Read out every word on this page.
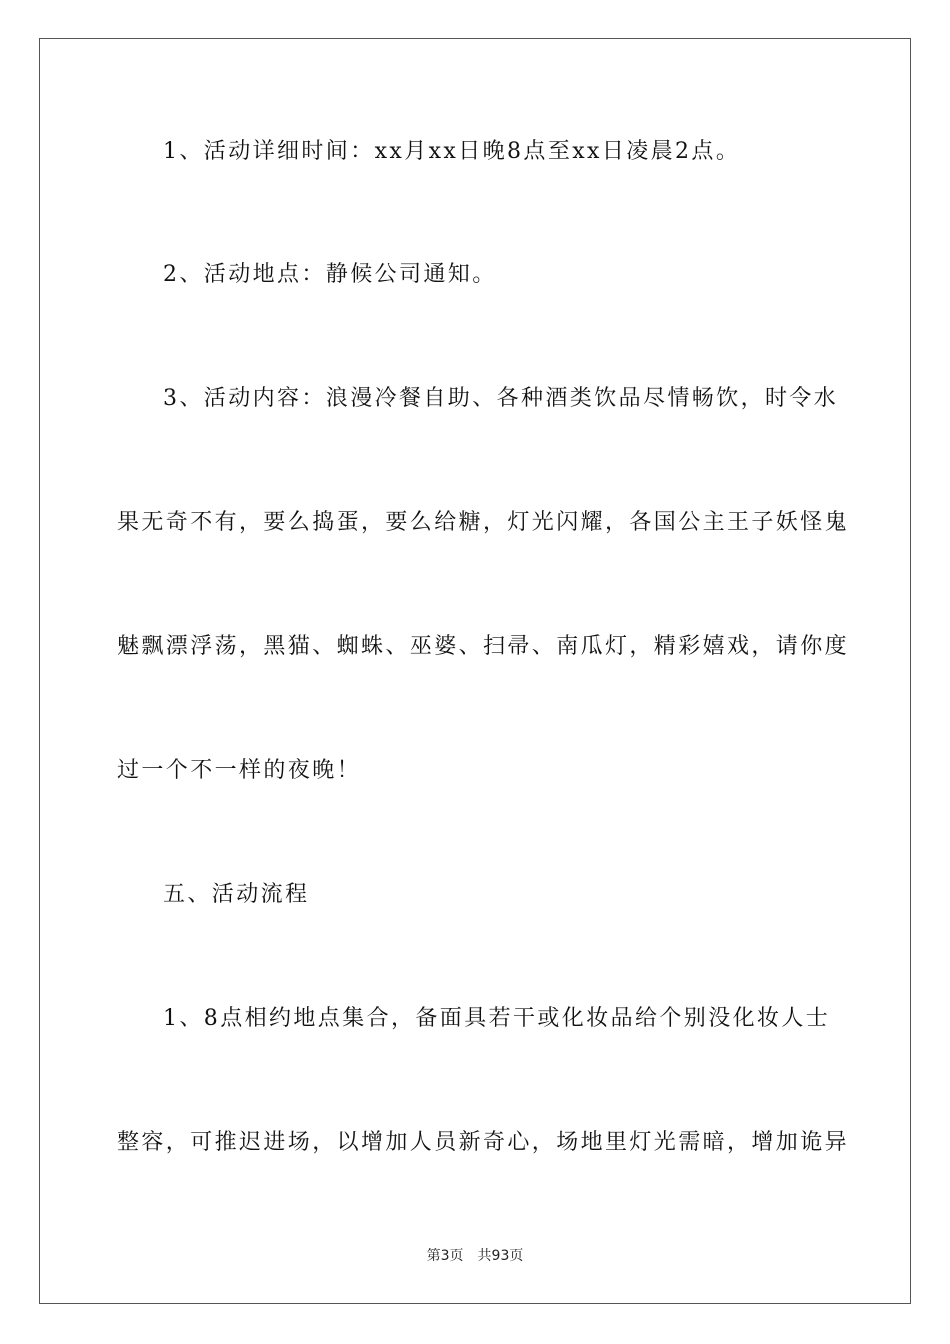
1、活动详细时间：xx月xx日晚8点至xx日凌晨2点。
2、活动地点：静候公司通知。
3、活动内容：浪漫冷餐自助、各种酒类饮品尽情畅饮，时令水
果无奇不有，要么捣蛋，要么给糖，灯光闪耀，各国公主王子妖怪鬼
魅飘漂浮荡，黑猫、蜘蛛、巫婆、扫帚、南瓜灯，精彩嬉戏，请你度
过一个不一样的夜晚！
五、活动流程
1、8点相约地点集合，备面具若干或化妆品给个别没化妆人士
整容，可推迟进场，以增加人员新奇心，场地里灯光需暗，增加诡异
第3页 共93页
